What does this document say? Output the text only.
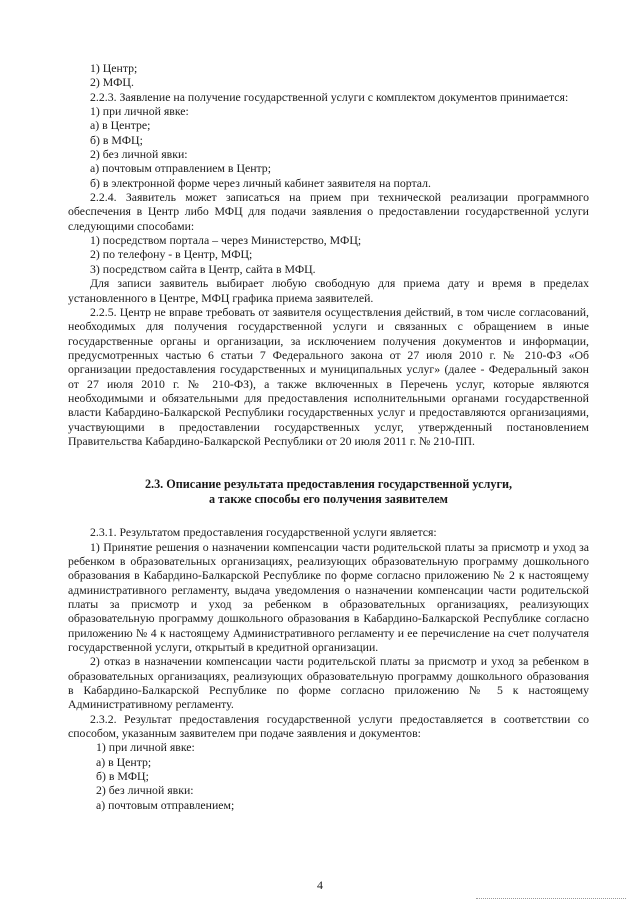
1) Центр;

2) МФЦ.

2.2.3. Заявление на получение государственной услуги с комплектом документов принимается:

1) при личной явке:

а) в Центре;

б) в МФЦ;

2) без личной явки:

а) почтовым отправлением в Центр;

б) в электронной форме через личный кабинет заявителя на портал.

2.2.4. Заявитель может записаться на прием при технической реализации программного обеспечения в Центр либо МФЦ для подачи заявления о предоставлении государственной услуги следующими способами:

1) посредством портала – через Министерство, МФЦ;

2) по телефону - в Центр, МФЦ;

3) посредством сайта в Центр, сайта в МФЦ.

Для записи заявитель выбирает любую свободную для приема дату и время в пределах установленного в Центре, МФЦ графика приема заявителей.

2.2.5. Центр не вправе требовать от заявителя осуществления действий, в том числе согласований, необходимых для получения государственной услуги и связанных с обращением в иные государственные органы и организации, за исключением получения документов и информации, предусмотренных частью 6 статьи 7 Федерального закона от 27 июля 2010 г. № 210-ФЗ «Об организации предоставления государственных и муниципальных услуг» (далее - Федеральный закон от 27 июля 2010 г. № 210-ФЗ), а также включенных в Перечень услуг, которые являются необходимыми и обязательными для предоставления исполнительными органами государственной власти Кабардино-Балкарской Республики государственных услуг и предоставляются организациями, участвующими в предоставлении государственных услуг, утвержденный постановлением Правительства Кабардино-Балкарской Республики от 20 июля 2011 г. № 210-ПП.

2.3. Описание результата предоставления государственной услуги,

а также способы его получения заявителем

2.3.1. Результатом предоставления государственной услуги является:

1) Принятие решения о назначении компенсации части родительской платы за присмотр и уход за ребенком в образовательных организациях, реализующих образовательную программу дошкольного образования в Кабардино-Балкарской Республике по форме согласно приложению № 2 к настоящему административного регламенту, выдача уведомления о назначении компенсации части родительской платы за присмотр и уход за ребенком в образовательных организациях, реализующих образовательную программу дошкольного образования в Кабардино-Балкарской Республике согласно приложению № 4 к настоящему Административного регламенту и ее перечисление на счет получателя государственной услуги, открытый в кредитной организации.

2) отказ в назначении компенсации части родительской платы за присмотр и уход за ребенком в образовательных организациях, реализующих образовательную программу дошкольного образования в Кабардино-Балкарской Республике по форме согласно приложению № 5 к настоящему Административному регламенту.

2.3.2. Результат предоставления государственной услуги предоставляется в соответствии со способом, указанным заявителем при подаче заявления и документов:

1) при личной явке:

а) в Центр;

б) в МФЦ;

2) без личной явки:

а) почтовым отправлением;

4
